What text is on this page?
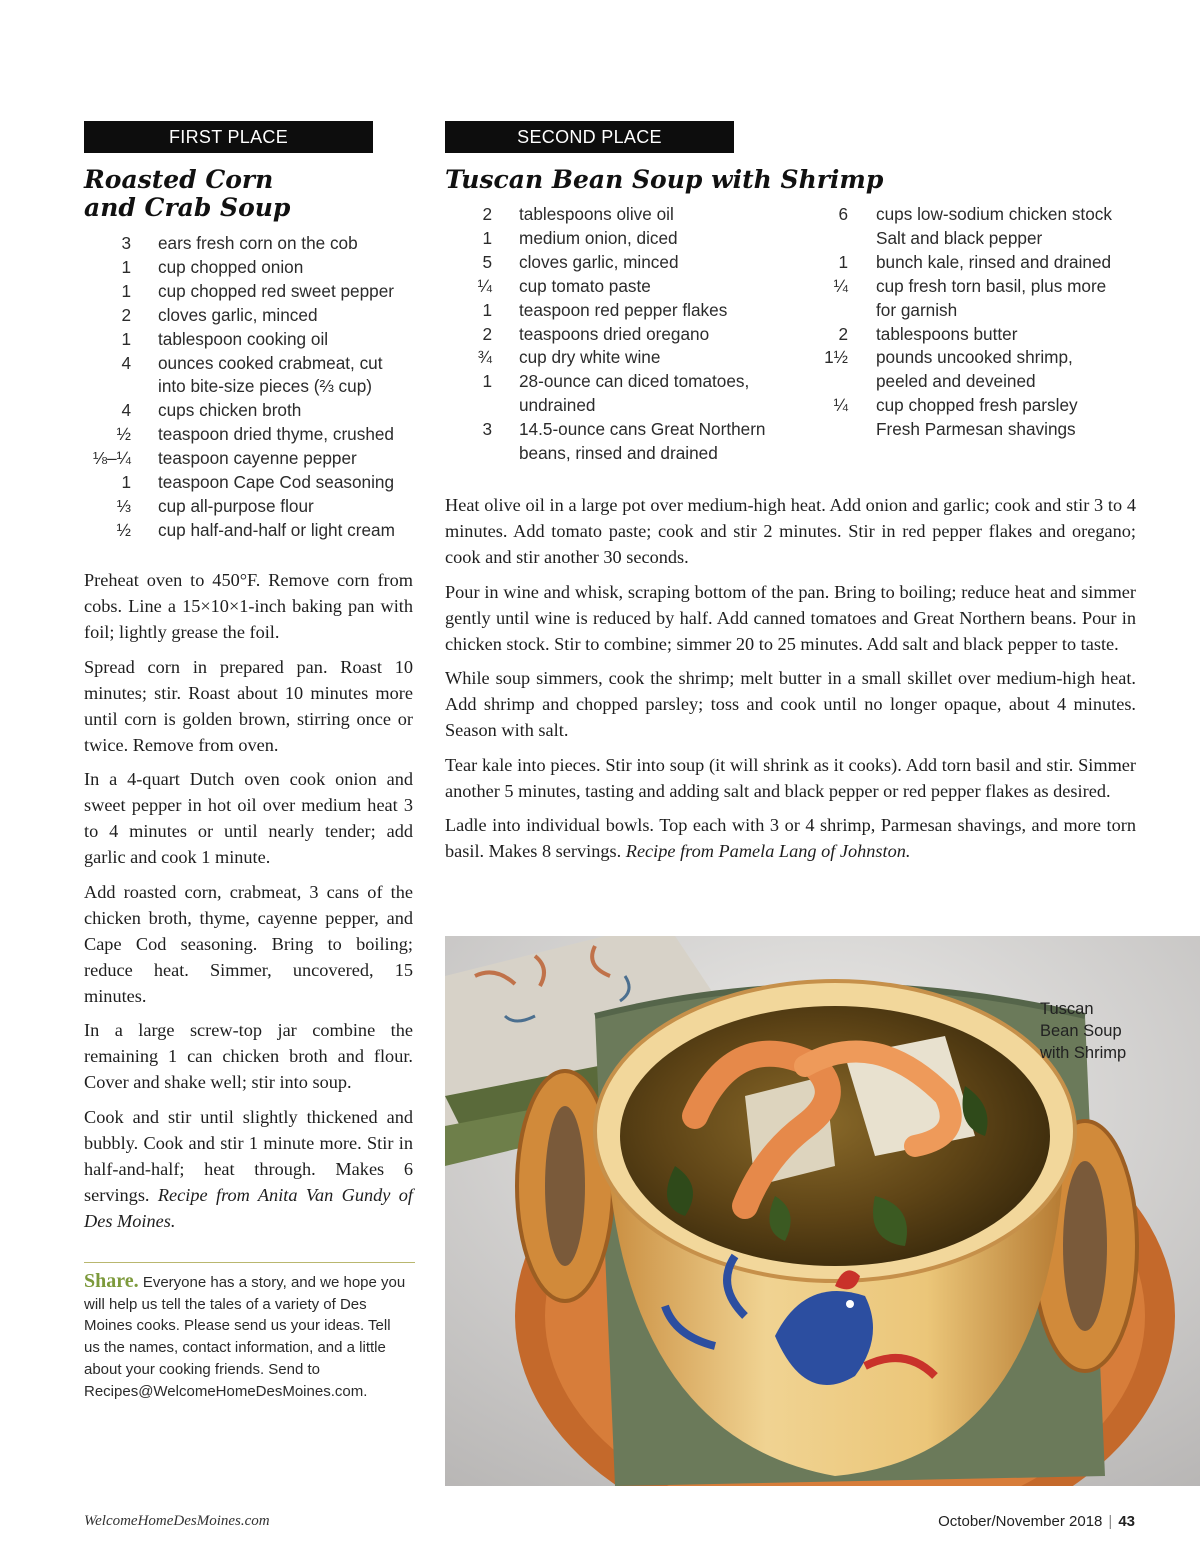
FIRST PLACE	SECOND PLACE
Roasted Corn
and Crab Soup
Tuscan Bean Soup with Shrimp
3 ears fresh corn on the cob
1 cup chopped onion
1 cup chopped red sweet pepper
2 cloves garlic, minced
1 tablespoon cooking oil
4 ounces cooked crabmeat, cut
into bite-size pieces (⅔ cup)
4 cups chicken broth
½ teaspoon dried thyme, crushed
⅛–¼ teaspoon cayenne pepper
1 teaspoon Cape Cod seasoning
⅓ cup all-purpose flour
½ cup half-and-half or light cream
2 tablespoons olive oil
1 medium onion, diced
5 cloves garlic, minced
¼ cup tomato paste
1 teaspoon red pepper flakes
2 teaspoons dried oregano
¾ cup dry white wine
1 28-ounce can diced tomatoes,
undrained
3 14.5-ounce cans Great Northern
beans, rinsed and drained
6 cups low-sodium chicken stock
Salt and black pepper
1 bunch kale, rinsed and drained
¼ cup fresh torn basil, plus more
for garnish
2 tablespoons butter
1½ pounds uncooked shrimp,
peeled and deveined
¼ cup chopped fresh parsley
Fresh Parmesan shavings

Preheat oven to 450°F. Remove corn from cobs. Line a 15×10×1-inch baking pan with foil; lightly grease the foil.

Spread corn in prepared pan. Roast 10 minutes; stir. Roast about 10 minutes more until corn is golden brown, stirring once or twice. Remove from oven.

In a 4-quart Dutch oven cook onion and sweet pepper in hot oil over medium heat 3 to 4 minutes or until nearly tender; add garlic and cook 1 minute.

Add roasted corn, crabmeat, 3 cans of the chicken broth, thyme, cayenne pepper, and Cape Cod seasoning. Bring to boiling; reduce heat. Simmer, uncovered, 15 minutes.

In a large screw-top jar combine the remaining 1 can chicken broth and flour. Cover and shake well; stir into soup.

Cook and stir until slightly thickened and bubbly. Cook and stir 1 minute more. Stir in half-and-half; heat through. Makes 6 servings. Recipe from Anita Van Gundy of Des Moines.

Heat olive oil in a large pot over medium-high heat. Add onion and garlic; cook and stir 3 to 4 minutes. Add tomato paste; cook and stir 2 minutes. Stir in red pepper flakes and oregano; cook and stir another 30 seconds.

Pour in wine and whisk, scraping bottom of the pan. Bring to boiling; reduce heat and simmer gently until wine is reduced by half. Add canned tomatoes and Great Northern beans. Pour in chicken stock. Stir to combine; simmer 20 to 25 minutes. Add salt and black pepper to taste.

While soup simmers, cook the shrimp; melt butter in a small skillet over medium-high heat. Add shrimp and chopped parsley; toss and cook until no longer opaque, about 4 minutes. Season with salt.

Tear kale into pieces. Stir into soup (it will shrink as it cooks). Add torn basil and stir. Simmer another 5 minutes, tasting and adding salt and black pepper or red pepper flakes as desired.

Ladle into individual bowls. Top each with 3 or 4 shrimp, Parmesan shavings, and more torn basil. Makes 8 servings. Recipe from Pamela Lang of Johnston.

Share. Everyone has a story, and we hope you will help us tell the tales of a variety of Des Moines cooks. Please send us your ideas. Tell us the names, contact information, and a little about your cooking friends. Send to Recipes@WelcomeHomeDesMoines.com.
Tuscan
Bean Soup
with Shrimp
WelcomeHomeDesMoines.com	October/November 2018 | 43
